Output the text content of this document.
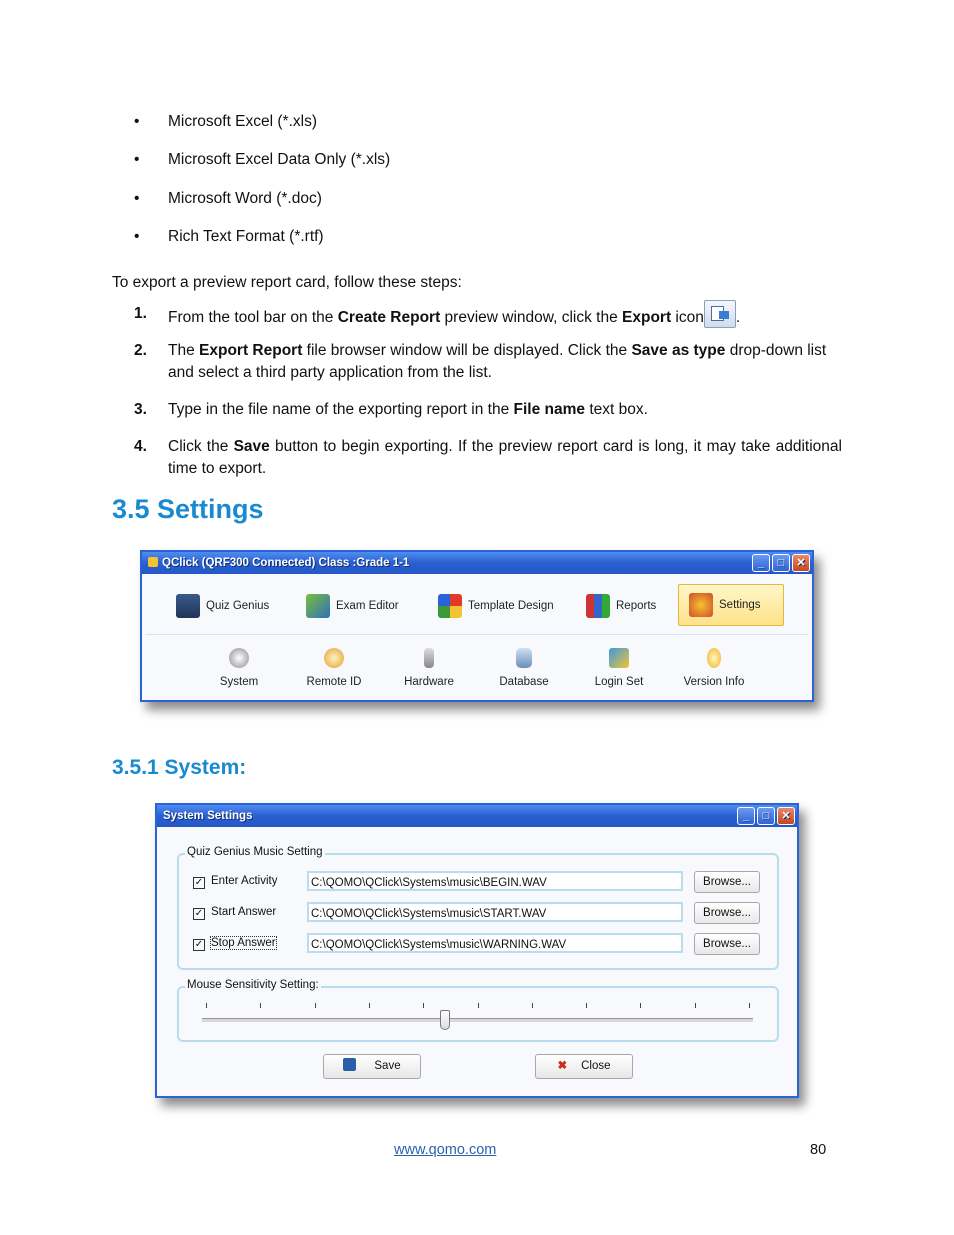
• Microsoft Excel (*.xls)
• Microsoft Excel Data Only (*.xls)
• Microsoft Word (*.doc)
• Rich Text Format (*.rtf)
To export a preview report card, follow these steps:
1. From the tool bar on the Create Report preview window, click the Export icon .
2. The Export Report file browser window will be displayed. Click the Save as type drop-down list and select a third party application from the list.
3. Type in the file name of the exporting report in the File name text box.
4. Click the Save button to begin exporting. If the preview report card is long, it may take additional time to export.
3.5 Settings
QClick (QRF300 Connected) Class :Grade 1-1	_	□	✕
Quiz Genius	Exam Editor	Template Design	Reports	Settings
System	Remote ID	Hardware	Database	Login Set	Version Info
3.5.1 System:
System Settings	_	□	✕
Quiz Genius Music Setting
✓ Enter Activity	C:\QOMO\QClick\Systems\music\BEGIN.WAV	Browse...
✓ Start Answer	C:\QOMO\QClick\Systems\music\START.WAV	Browse...
✓ Stop Answer	C:\QOMO\QClick\Systems\music\WARNING.WAV	Browse...
Mouse Sensitivity Setting:
Save	✖ Close
www.qomo.com	80
